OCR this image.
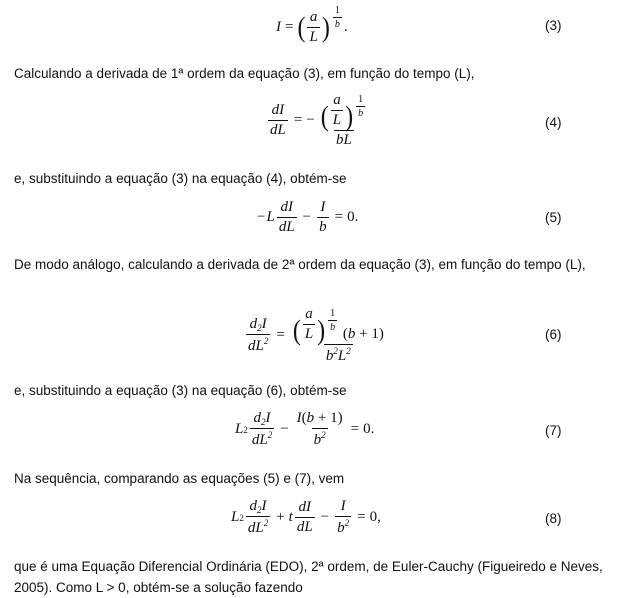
I = ( $\frac{a}{L}$ ) $^{\frac{1}{b}}$ .	(3)

Calculando a derivada de 1ª ordem da equação (3), em função do tempo (L),

$\frac{dI}{dL}$ = − ( $\frac{a}{L}$ ) $^{\frac{1}{b}}$
bL	(4)

e, substituindo a equação (3) na equação (4), obtém-se

− L $\frac{dI}{dL} - \frac{I}{b} = 0$.	(5)

De modo análogo, calculando a derivada de 2ª ordem da equação (3), em função do tempo (L),

$\frac{d 2 I}{dL^2}$ = ( $\frac{a}{L}$ ) $^{\frac{1}{b}}$
( b + 1)
$b^2L^2$	(6)

e, substituindo a equação (3) na equação (6), obtém-se

L $2 \frac{d 2 I}{dL^2} - \frac{I ( b + 1)}{b^2} = 0$.	(7)

Na sequência, comparando as equações (5) e (7), vem

L $2 \frac{d 2 I}{dL^2} + t \frac{dI}{dL} - \frac{I}{b^2} = 0$,	(8)

que é uma Equação Diferencial Ordinária (EDO), 2ª ordem, de Euler-Cauchy (Figueiredo e Neves, 2005). Como L > 0, obtém-se a solução fazendo
